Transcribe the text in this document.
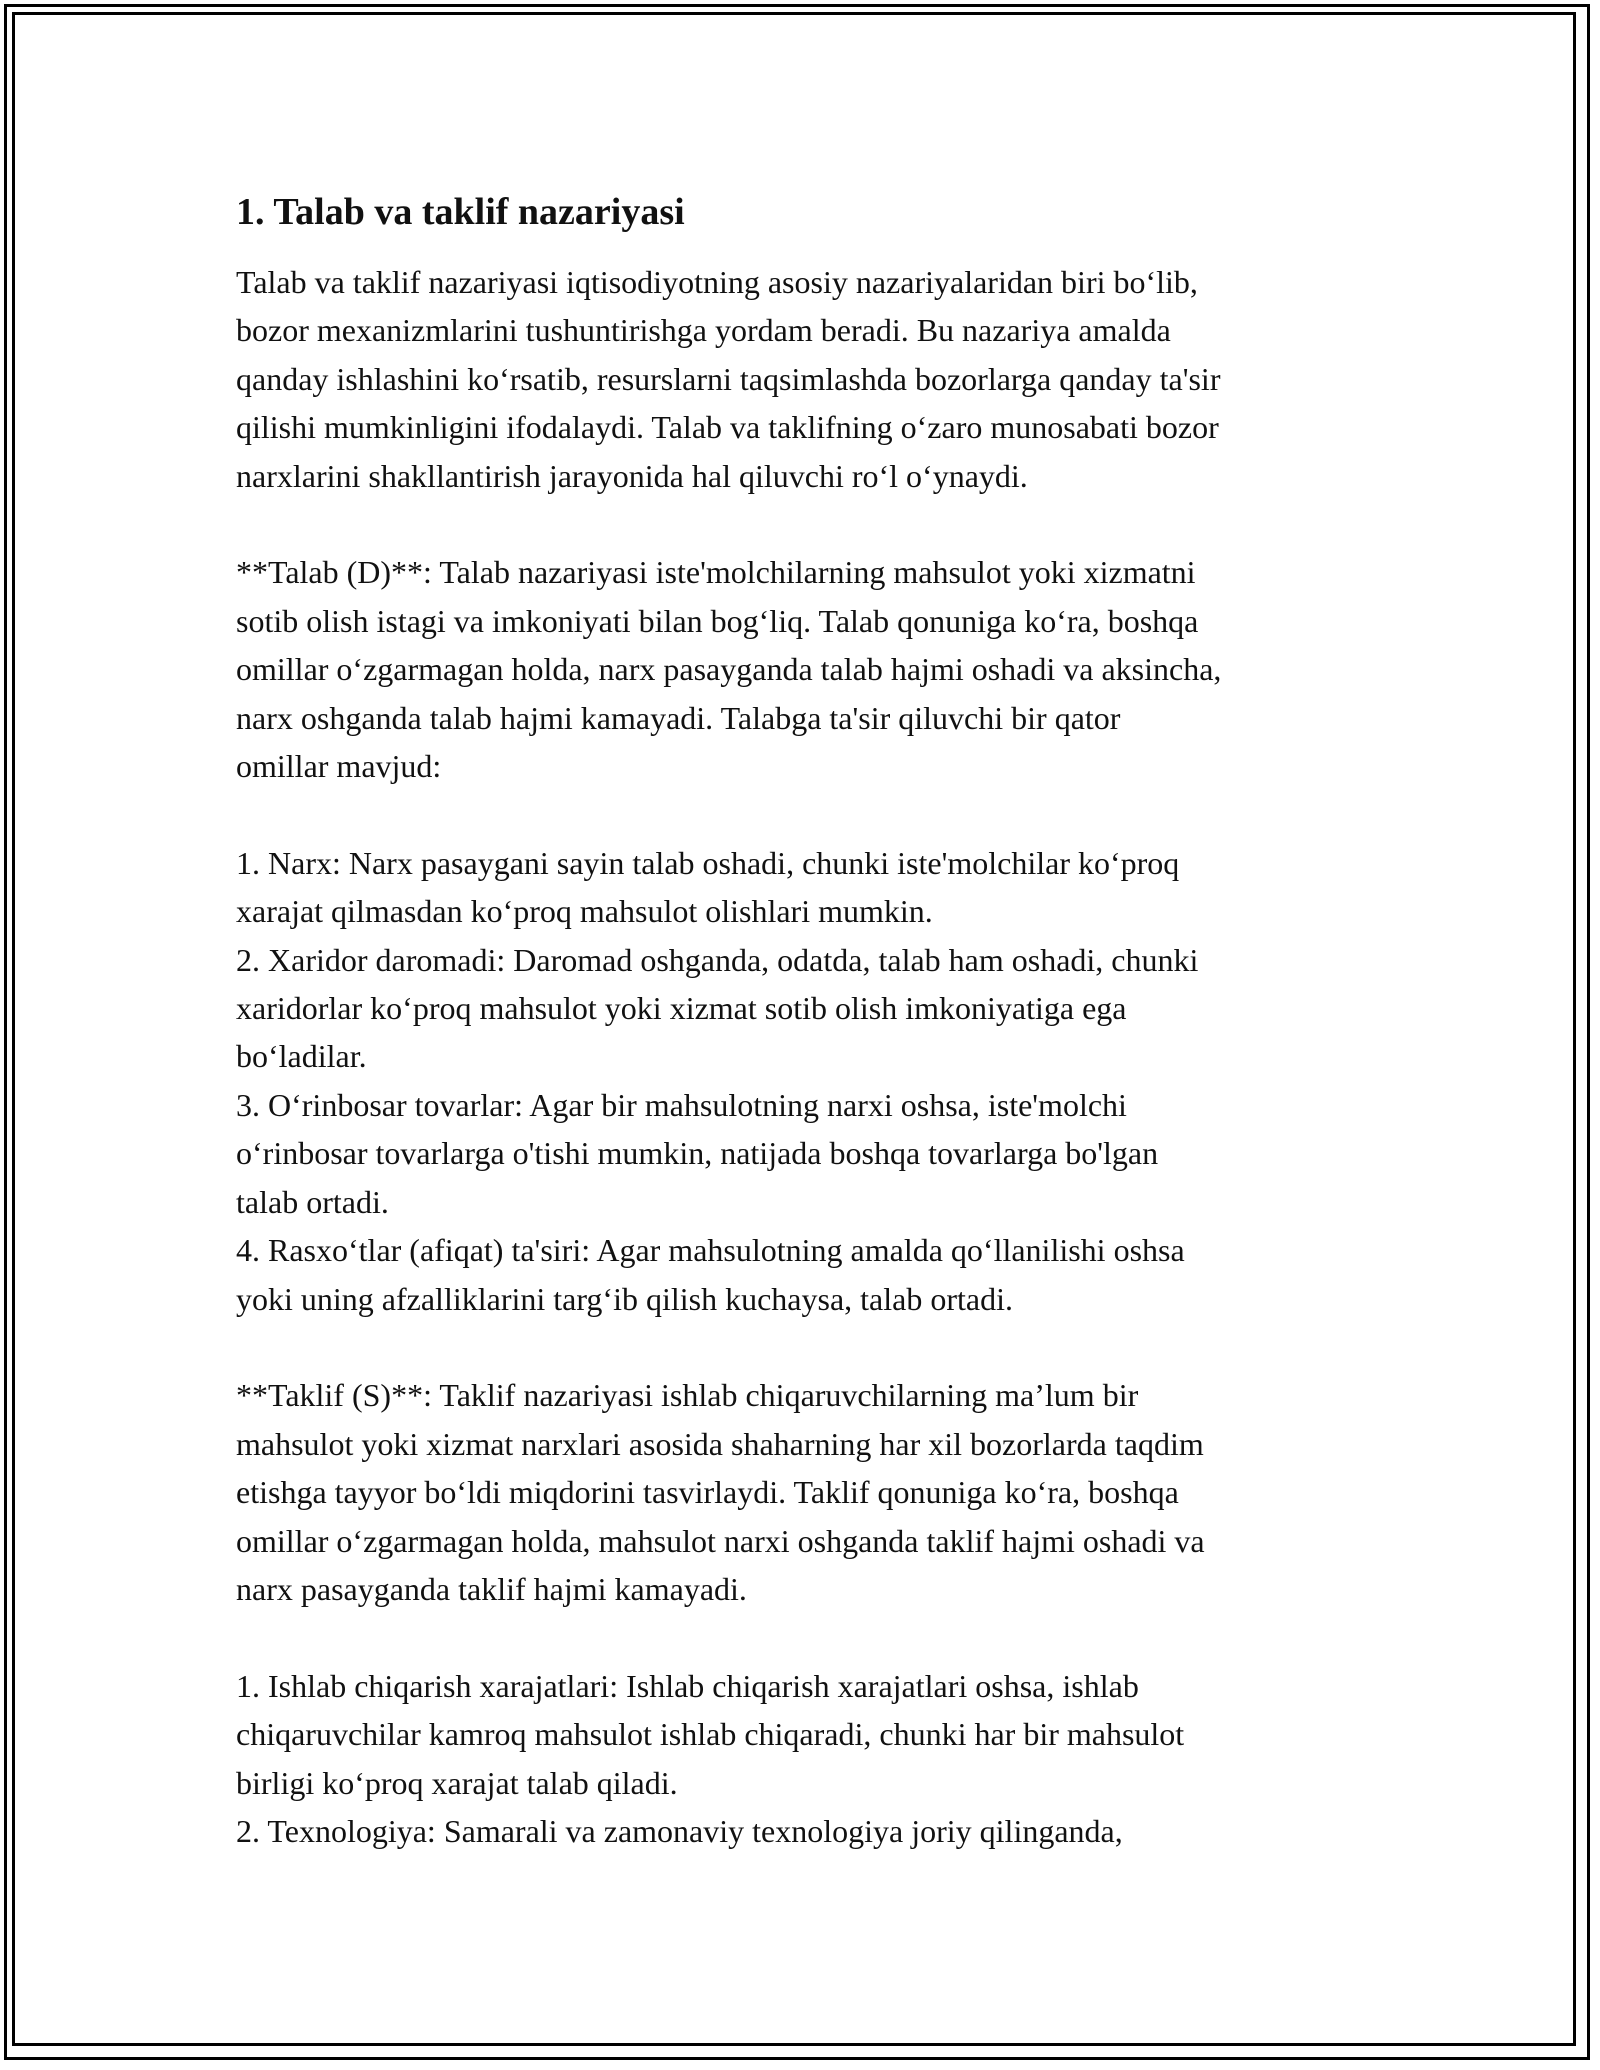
1. Talab va taklif nazariyasi

Talab va taklif nazariyasi iqtisodiyotning asosiy nazariyalaridan biri bo‘lib,
bozor mexanizmlarini tushuntirishga yordam beradi. Bu nazariya amalda
qanday ishlashini ko‘rsatib, resurslarni taqsimlashda bozorlarga qanday ta'sir
qilishi mumkinligini ifodalaydi. Talab va taklifning o‘zaro munosabati bozor
narxlarini shakllantirish jarayonida hal qiluvchi ro‘l o‘ynaydi.

**Talab (D)**: Talab nazariyasi iste'molchilarning mahsulot yoki xizmatni
sotib olish istagi va imkoniyati bilan bog‘liq. Talab qonuniga ko‘ra, boshqa
omillar o‘zgarmagan holda, narx pasayganda talab hajmi oshadi va aksincha,
narx oshganda talab hajmi kamayadi. Talabga ta'sir qiluvchi bir qator
omillar mavjud:

1. Narx: Narx pasaygani sayin talab oshadi, chunki iste'molchilar ko‘proq
xarajat qilmasdan ko‘proq mahsulot olishlari mumkin.

2. Xaridor daromadi: Daromad oshganda, odatda, talab ham oshadi, chunki
xaridorlar ko‘proq mahsulot yoki xizmat sotib olish imkoniyatiga ega
bo‘ladilar.

3. O‘rinbosar tovarlar: Agar bir mahsulotning narxi oshsa, iste'molchi
o‘rinbosar tovarlarga o'tishi mumkin, natijada boshqa tovarlarga bo'lgan
talab ortadi.

4. Rasxo‘tlar (afiqat) ta'siri: Agar mahsulotning amalda qo‘llanilishi oshsa
yoki uning afzalliklarini targ‘ib qilish kuchaysa, talab ortadi.

**Taklif (S)**: Taklif nazariyasi ishlab chiqaruvchilarning ma’lum bir
mahsulot yoki xizmat narxlari asosida shaharning har xil bozorlarda taqdim
etishga tayyor bo‘ldi miqdorini tasvirlaydi. Taklif qonuniga ko‘ra, boshqa
omillar o‘zgarmagan holda, mahsulot narxi oshganda taklif hajmi oshadi va
narx pasayganda taklif hajmi kamayadi.

1. Ishlab chiqarish xarajatlari: Ishlab chiqarish xarajatlari oshsa, ishlab
chiqaruvchilar kamroq mahsulot ishlab chiqaradi, chunki har bir mahsulot
birligi ko‘proq xarajat talab qiladi.

2. Texnologiya: Samarali va zamonaviy texnologiya joriy qilinganda,
